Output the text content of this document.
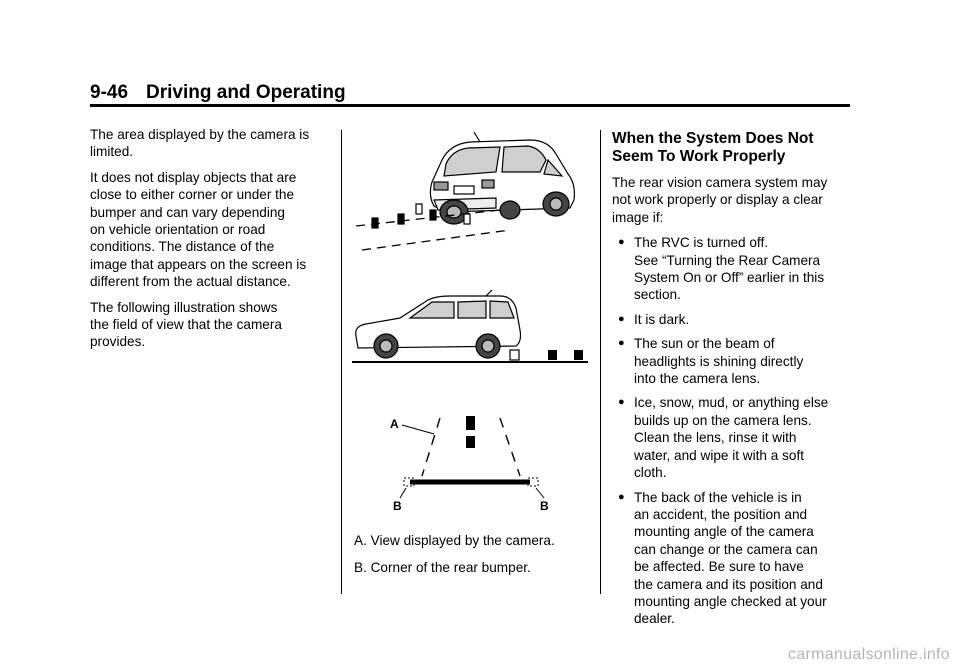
9-46 Driving and Operating

The area displayed by the camera is
limited.

It does not display objects that are
close to either corner or under the
bumper and can vary depending
on vehicle orientation or road
conditions. The distance of the
image that appears on the screen is
different from the actual distance.

The following illustration shows
the field of view that the camera
provides.

A
B	B
A. View displayed by the camera.
B. Corner of the rear bumper.
When the System Does Not
Seem To Work Properly

The rear vision camera system may
not work properly or display a clear
image if:

● The RVC is turned off.
See “Turning the Rear Camera
System On or Off” earlier in this
section.
● It is dark.
● The sun or the beam of
headlights is shining directly
into the camera lens.
● Ice, snow, mud, or anything else
builds up on the camera lens.
Clean the lens, rinse it with
water, and wipe it with a soft
cloth.
● The back of the vehicle is in
an accident, the position and
mounting angle of the camera
can change or the camera can
be affected. Be sure to have
the camera and its position and
mounting angle checked at your
dealer.
carmanualsonline.info
